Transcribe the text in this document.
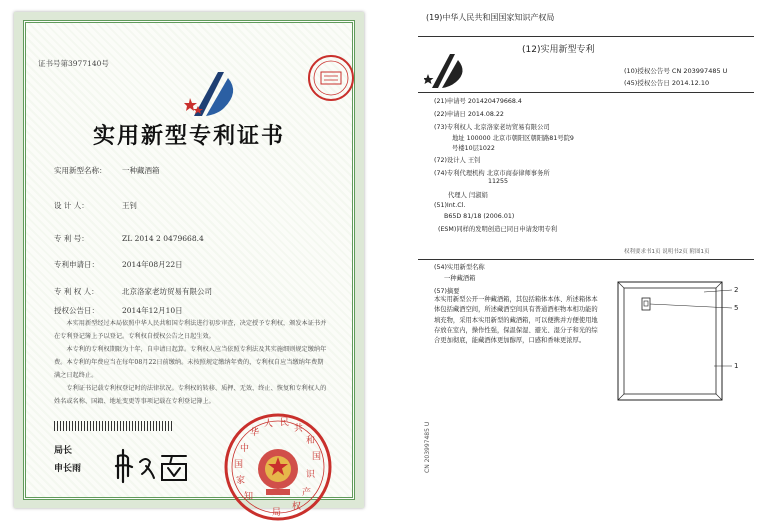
证书号第3977140号
实用新型专利证书
实用新型名称： 一种藏酒箱
设 计 人：	王钊
专 利 号：	ZL 2014 2 0479668.4
专利申请日：	2014年08月22日
专 利 权 人：	北京洛家老坊贸易有限公司
授权公告日：	2014年12月10日

本实用新型经过本局依照中华人民共和国专利法进行初步审查，决定授予专利权，颁发本证书并在专利登记簿上予以登记。专利权自授权公告之日起生效。

本专利的专利权期限为十年，自申请日起算。专利权人应当依照专利法及其实施细则规定缴纳年费。本专利的年费应当在每年08月22日前缴纳。未按照规定缴纳年费的，专利权自应当缴纳年费期满之日起终止。

专利证书记载专利权登记时的法律状况。专利权的转移、质押、无效、终止、恢复和专利权人的姓名或名称、国籍、地址变更等事项记载在专利登记簿上。

局长
申长雨
中
华
人 民
共
和
国
国
家
知
识
产
权
局
(19)中华人民共和国国家知识产权局
(12)实用新型专利
(10)授权公告号 CN 203997485 U
(45)授权公告日 2014.12.10
(21)申请号 201420479668.4
(22)申请日 2014.08.22
(73)专利权人 北京洛家老坊贸易有限公司
地址 100000 北京市朝阳区朝阳路81号院9
号楼10层1022
(72)设计人 王钊
(74)专利代理机构 北京市商泰律师事务所
11255
代理人 闫淑娟
(51)Int.Cl.
B65D 81/18 (2006.01)
(ESM)同样的发明创造已同日申请发明专利
权利要求书1页 说明书2页 附图1页
(54)实用新型名称
一种藏酒箱
(57)摘要
本实用新型公开一种藏酒箱，其包括箱体本体、所述箱体本体包括藏酒空间，所述藏酒空间具有普通酒柜物本相功能的填充物，采用本实用新型的藏酒箱，可以便携并方便使用地存放在室内，操作性强，保温保湿、避光、湿分子和光的综合更加彻底，能藏酒体更加醇厚，口感和香味更浓厚。
CN 203997485 U
2
5
1
